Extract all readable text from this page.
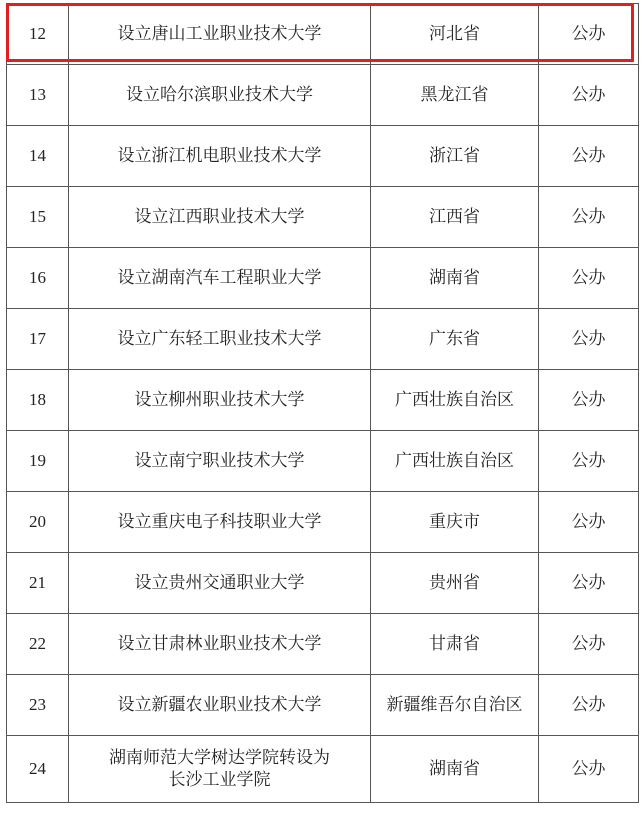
12	设立唐山工业职业技术大学	河北省	公办
13	设立哈尔滨职业技术大学	黑龙江省	公办
14	设立浙江机电职业技术大学	浙江省	公办
15	设立江西职业技术大学	江西省	公办
16	设立湖南汽车工程职业大学	湖南省	公办
17	设立广东轻工职业技术大学	广东省	公办
18	设立柳州职业技术大学	广西壮族自治区	公办
19	设立南宁职业技术大学	广西壮族自治区	公办
20	设立重庆电子科技职业大学	重庆市	公办
21	设立贵州交通职业大学	贵州省	公办
22	设立甘肃林业职业技术大学	甘肃省	公办
23	设立新疆农业职业技术大学	新疆维吾尔自治区	公办
24	湖南师范大学树达学院转设为
长沙工业学院	湖南省	公办
